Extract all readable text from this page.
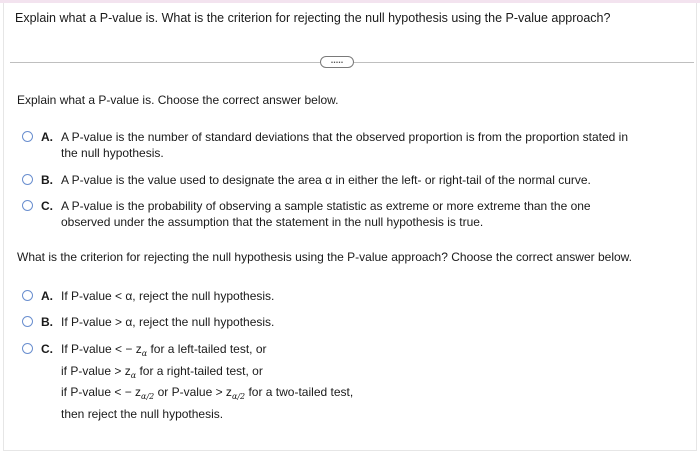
Explain what a P-value is. What is the criterion for rejecting the null hypothesis using the P-value approach?
.....
Explain what a P-value is. Choose the correct answer below.
A. A P-value is the number of standard deviations that the observed proportion is from the proportion stated in
the null hypothesis.
B. A P-value is the value used to designate the area α in either the left- or right-tail of the normal curve.
C. A P-value is the probability of observing a sample statistic as extreme or more extreme than the one
observed under the assumption that the statement in the null hypothesis is true.
What is the criterion for rejecting the null hypothesis using the P-value approach? Choose the correct answer below.
A. If P-value < α, reject the null hypothesis.
B. If P-value > α, reject the null hypothesis.
C. If P-value < − $z_\alpha$ for a left-tailed test, or
if P-value > $z_\alpha$ for a right-tailed test, or
if P-value < − $z_{\alpha/2}$ or P-value > $z_{\alpha/2}$ for a two-tailed test,
then reject the null hypothesis.
